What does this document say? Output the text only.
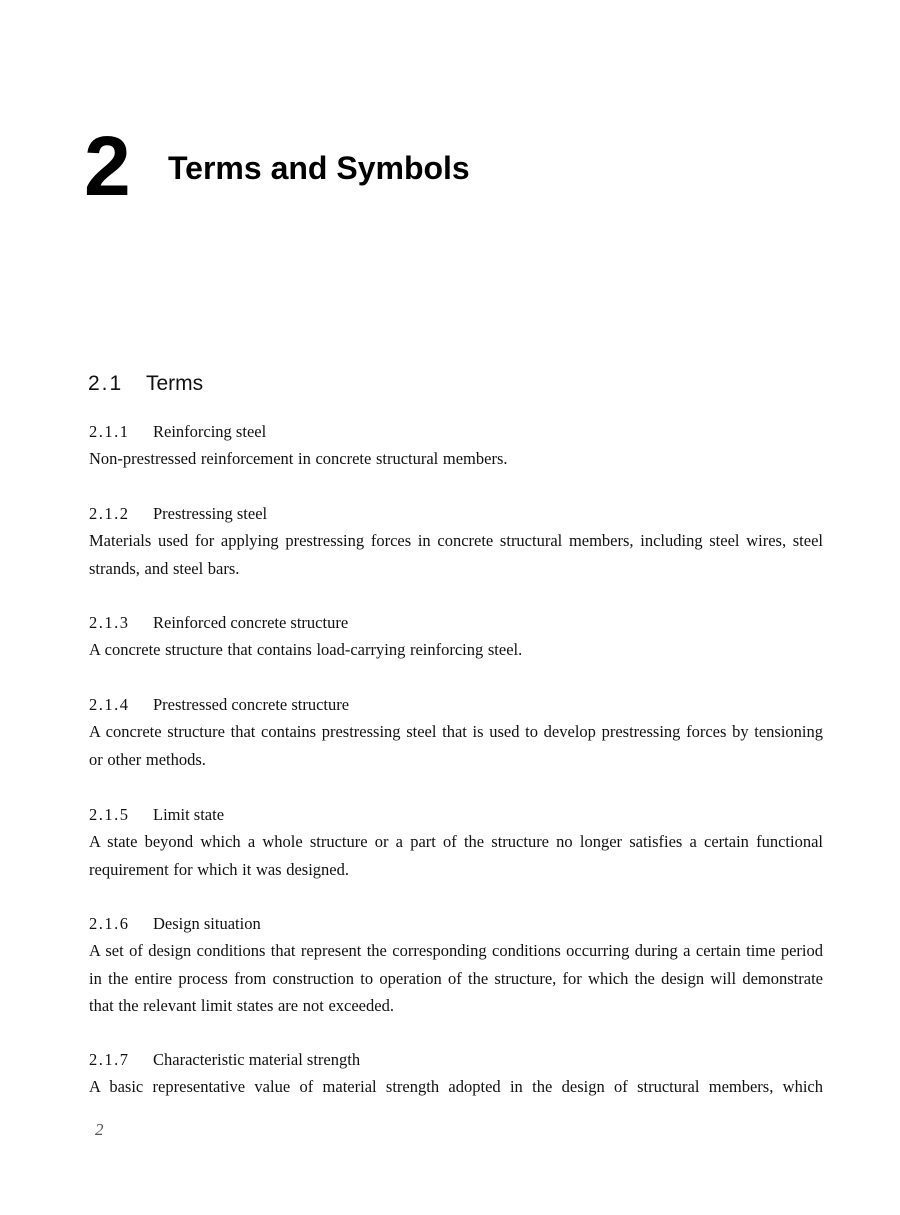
2 Terms and Symbols
2.1 Terms
2.1.1 Reinforcing steel
Non-prestressed reinforcement in concrete structural members.
2.1.2 Prestressing steel
Materials used for applying prestressing forces in concrete structural members, including steel wires, steel strands, and steel bars.
2.1.3 Reinforced concrete structure
A concrete structure that contains load-carrying reinforcing steel.
2.1.4 Prestressed concrete structure
A concrete structure that contains prestressing steel that is used to develop prestressing forces by tensioning or other methods.
2.1.5 Limit state
A state beyond which a whole structure or a part of the structure no longer satisfies a certain functional requirement for which it was designed.
2.1.6 Design situation
A set of design conditions that represent the corresponding conditions occurring during a certain time period in the entire process from construction to operation of the structure, for which the design will demonstrate that the relevant limit states are not exceeded.
2.1.7 Characteristic material strength
A basic representative value of material strength adopted in the design of structural members, which
2
